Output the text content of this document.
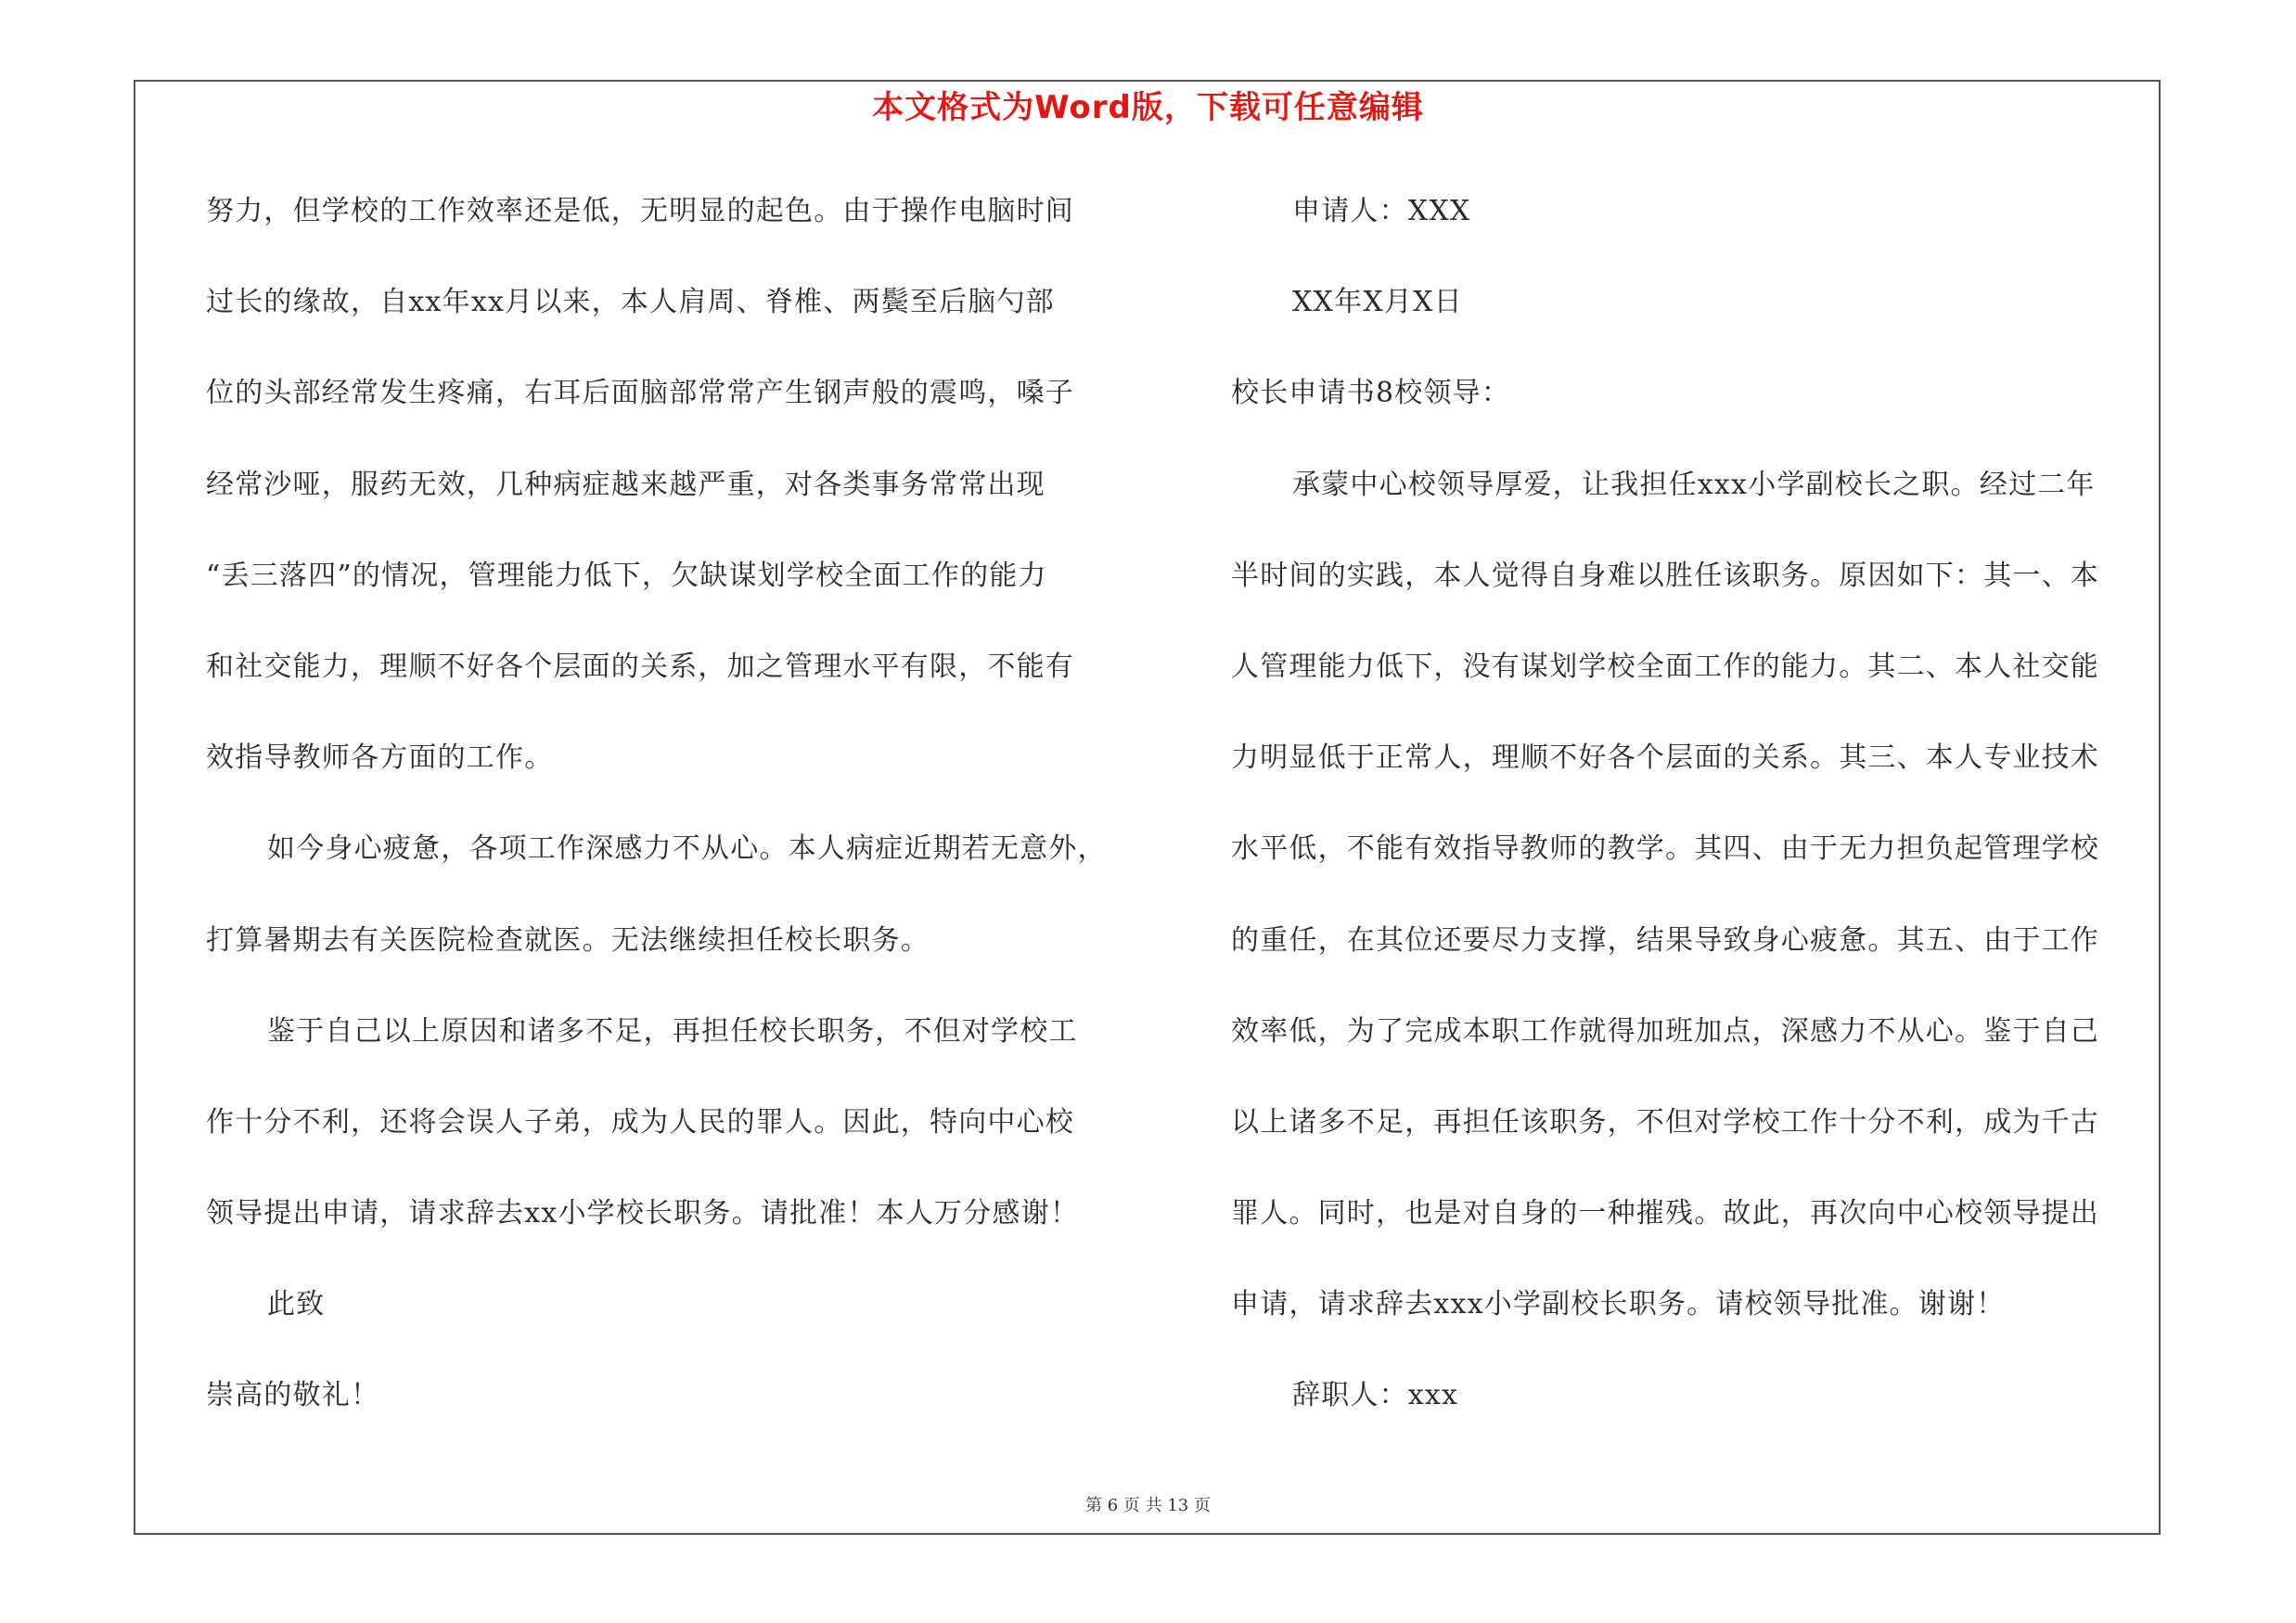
本文格式为Word版，下载可任意编辑
努力，但学校的工作效率还是低，无明显的起色。由于操作电脑时间
过长的缘故，自xx年xx月以来，本人肩周、脊椎、两鬓至后脑勺部
位的头部经常发生疼痛，右耳后面脑部常常产生钢声般的震鸣，嗓子
经常沙哑，服药无效，几种病症越来越严重，对各类事务常常出现
“丢三落四”的情况，管理能力低下，欠缺谋划学校全面工作的能力
和社交能力，理顺不好各个层面的关系，加之管理水平有限，不能有
效指导教师各方面的工作。
如今身心疲惫，各项工作深感力不从心。本人病症近期若无意外，
打算暑期去有关医院检查就医。无法继续担任校长职务。
鉴于自己以上原因和诸多不足，再担任校长职务，不但对学校工
作十分不利，还将会误人子弟，成为人民的罪人。因此，特向中心校
领导提出申请，请求辞去xx小学校长职务。请批准！本人万分感谢！
此致
崇高的敬礼！
申请人：XXX
XX年X月X日
校长申请书8校领导：
承蒙中心校领导厚爱，让我担任xxx小学副校长之职。经过二年
半时间的实践，本人觉得自身难以胜任该职务。原因如下：其一、本
人管理能力低下，没有谋划学校全面工作的能力。其二、本人社交能
力明显低于正常人，理顺不好各个层面的关系。其三、本人专业技术
水平低，不能有效指导教师的教学。其四、由于无力担负起管理学校
的重任，在其位还要尽力支撑，结果导致身心疲惫。其五、由于工作
效率低，为了完成本职工作就得加班加点，深感力不从心。鉴于自己
以上诸多不足，再担任该职务，不但对学校工作十分不利，成为千古
罪人。同时，也是对自身的一种摧残。故此，再次向中心校领导提出
申请，请求辞去xxx小学副校长职务。请校领导批准。谢谢！
辞职人：xxx
第 6 页 共 13 页
